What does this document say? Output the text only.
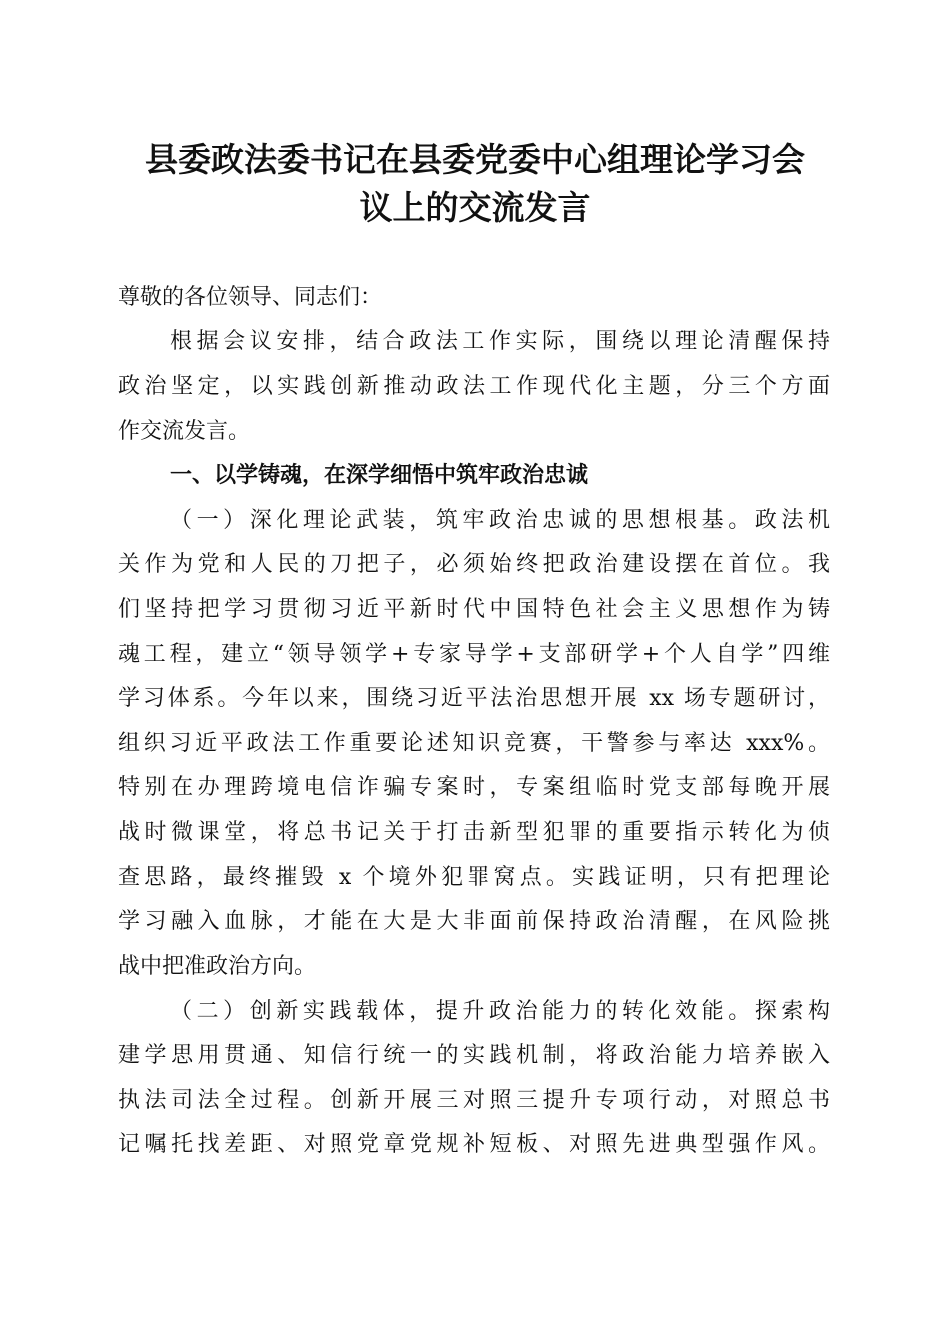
县委政法委书记在县委党委中心组理论学习会
议上的交流发言
尊敬的各位领导、同志们：
根据会议安排，结合政法工作实际，围绕以理论清醒保持
政治坚定，以实践创新推动政法工作现代化主题，分三个方面
作交流发言。
一、以学铸魂，在深学细悟中筑牢政治忠诚
（一）深化理论武装，筑牢政治忠诚的思想根基。政法机
关作为党和人民的刀把子，必须始终把政治建设摆在首位。我
们坚持把学习贯彻习近平新时代中国特色社会主义思想作为铸
魂工程，建立“领导领学+专家导学+支部研学+个人自学”四维
学习体系。今年以来，围绕习近平法治思想开展 xx 场专题研讨，
组织习近平政法工作重要论述知识竞赛，干警参与率达 xxx%。
特别在办理跨境电信诈骗专案时，专案组临时党支部每晚开展
战时微课堂，将总书记关于打击新型犯罪的重要指示转化为侦
查思路，最终摧毁 x 个境外犯罪窝点。实践证明，只有把理论
学习融入血脉，才能在大是大非面前保持政治清醒，在风险挑
战中把准政治方向。
（二）创新实践载体，提升政治能力的转化效能。探索构
建学思用贯通、知信行统一的实践机制，将政治能力培养嵌入
执法司法全过程。创新开展三对照三提升专项行动，对照总书
记嘱托找差距、对照党章党规补短板、对照先进典型强作风。
